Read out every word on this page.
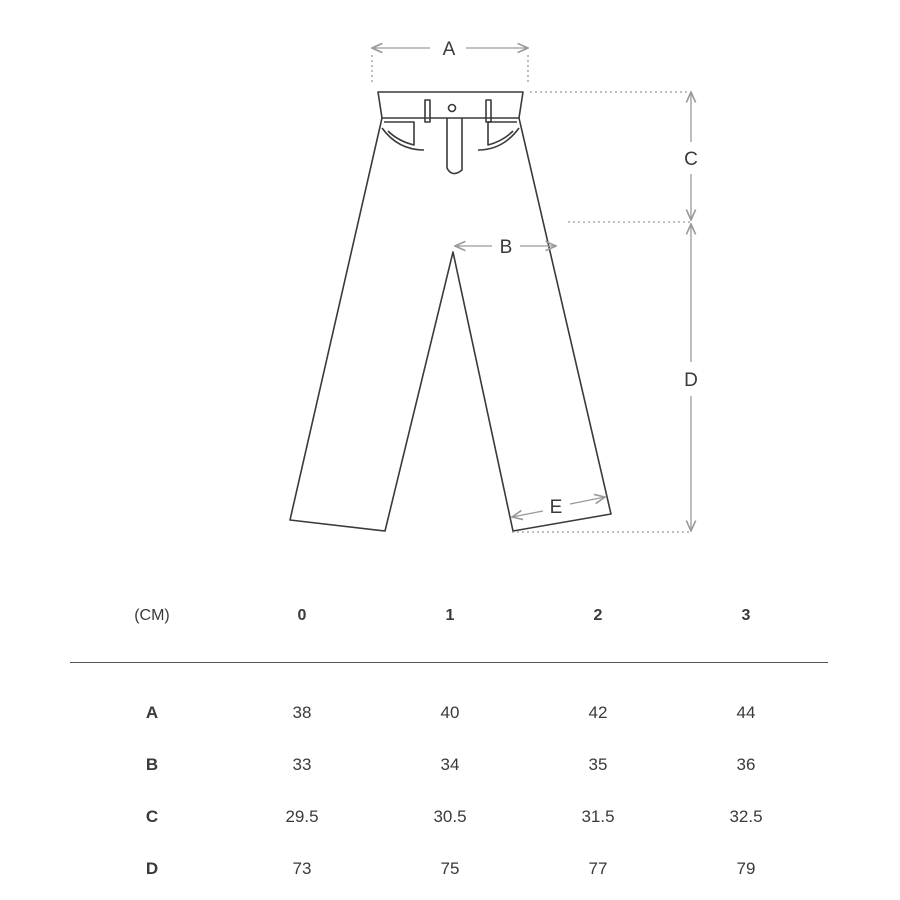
A
B
C
D
E
(CM)	0	1	2	3
A	38	40	42	44
B	33	34	35	36
C	29.5	30.5	31.5	32.5
D	73	75	77	79
